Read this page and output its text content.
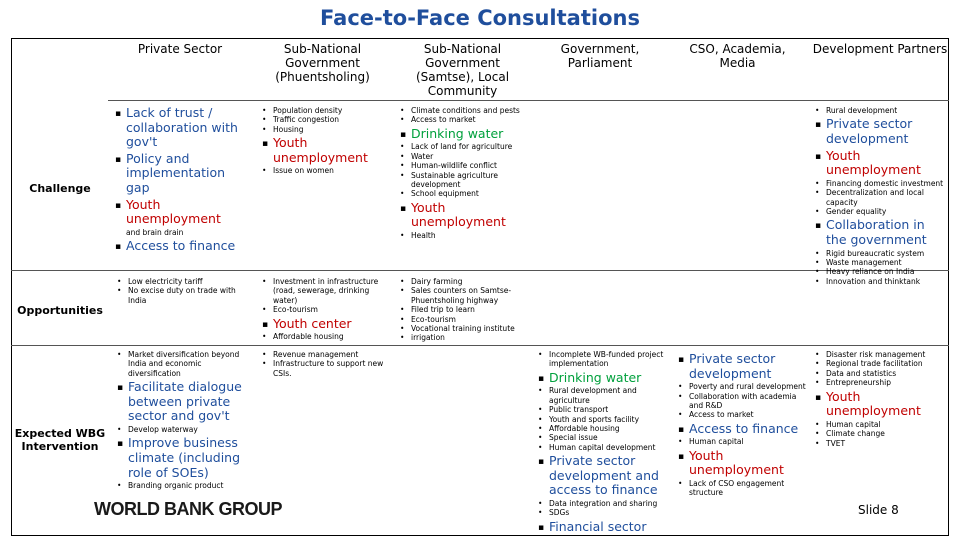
Face-to-Face Consultations
Private Sector	Sub-National Government (Phuentsholing)
Sub-National Government (Samtse), Local Community
Government, Parliament
CSO, Academia, Media
Development Partners
Challenge
Opportunities
Expected WBG Intervention
▪ Lack of trust / collaboration with gov't
▪ Policy and implementation gap
▪ Youth unemployment
and brain drain
▪ Access to finance
• Population density
• Traffic congestion
• Housing
▪ Youth unemployment
• Issue on women
• Climate conditions and pests
• Access to market
▪ Drinking water
• Lack of land for agriculture
• Water
• Human-wildlife conflict
• Sustainable agriculture development
• School equipment
▪ Youth unemployment
• Health
• Rural development
▪ Private sector development
▪ Youth unemployment
• Financing domestic investment
• Decentralization and local capacity
• Gender equality
▪ Collaboration in the government
• Rigid bureaucratic system
• Waste management
• Heavy reliance on India
• Low electricity tariff
• No excise duty on trade with India
• Investment in infrastructure (road, sewerage, drinking water)
• Eco-tourism
▪ Youth center
• Affordable housing
• Dairy farming
• Sales counters on Samtse-Phuentsholing highway
• Filed trip to learn
• Eco-tourism
• Vocational training institute
• irrigation
• Innovation and thinktank
• Market diversification beyond India and economic diversification
▪ Facilitate dialogue between private sector and gov't
• Develop waterway
▪ Improve business climate (including role of SOEs)
• Branding organic product
• Revenue management
• Infrastructure to support new CSIs.
• Incomplete WB-funded project implementation
▪ Drinking water
• Rural development and agriculture
• Public transport
• Youth and sports facility
• Affordable housing
• Special issue
• Human capital development
▪ Private sector development and access to finance
• Data integration and sharing
• SDGs
▪ Financial sector
▪ Private sector development
• Poverty and rural development
• Collaboration with academia and R&D
• Access to market
▪ Access to finance
• Human capital
▪ Youth unemployment
• Lack of CSO engagement structure
• Disaster risk management
• Regional trade facilitation
• Data and statistics
• Entrepreneurship
▪ Youth unemployment
• Human capital
• Climate change
• TVET
WORLD BANK GROUP	Slide 8
